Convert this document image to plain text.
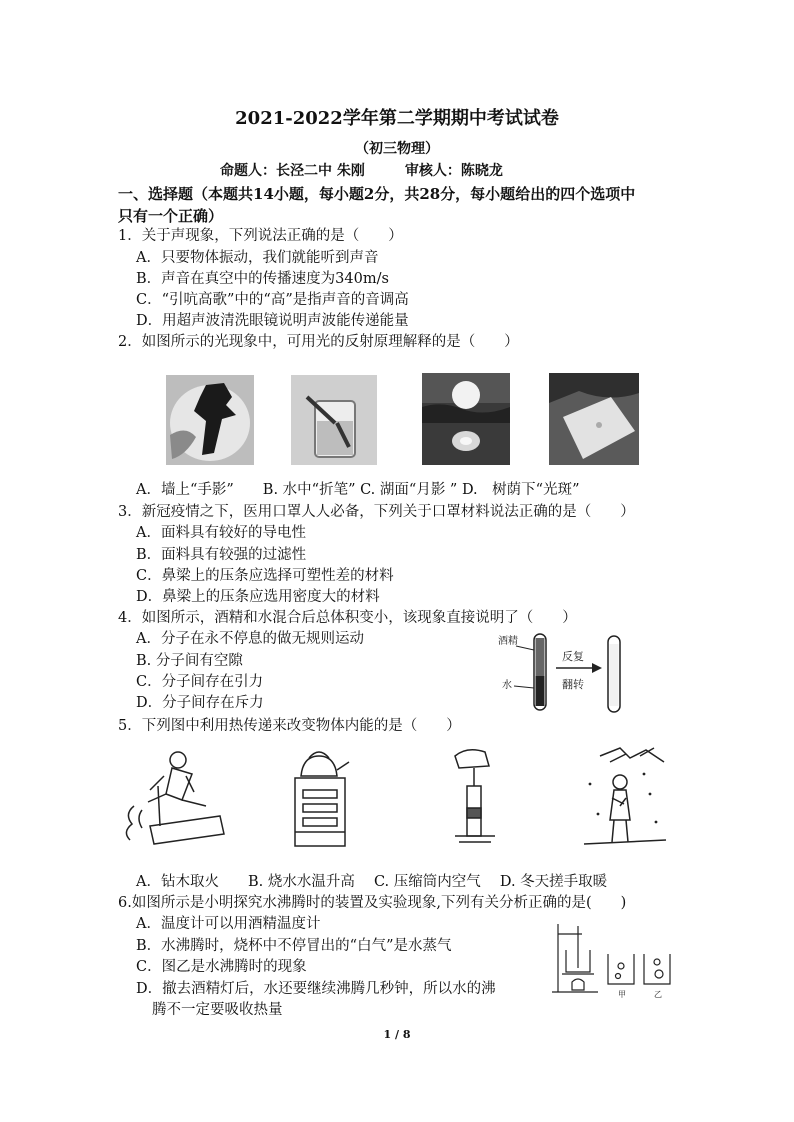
2021-2022学年第二学期期中考试试卷
（初三物理）
命题人：长泾二中 朱刚	审核人：陈晓龙
一、选择题（本题共14小题，每小题2分，共28分，每小题给出的四个选项中
只有一个正确）
1．关于声现象，下列说法正确的是（　　）
A．只要物体振动，我们就能听到声音
B．声音在真空中的传播速度为340m/s
C．“引吭高歌”中的“高”是指声音的音调高
D．用超声波清洗眼镜说明声波能传递能量
2．如图所示的光现象中，可用光的反射原理解释的是（　　）
A．墙上“手影”　　B. 水中“折笔” C. 湖面“月影 ” D.　树荫下“光斑”
3．新冠疫情之下，医用口罩人人必备，下列关于口罩材料说法正确的是（　　）
A．面料具有较好的导电性
B．面料具有较强的过滤性
C．鼻梁上的压条应选择可塑性差的材料
D．鼻梁上的压条应选用密度大的材料
4．如图所示，酒精和水混合后总体积变小，该现象直接说明了（　　）
A．分子在永不停息的做无规则运动
B. 分子间有空隙
C．分子间存在引力
D．分子间存在斥力
酒精
水
反复
翻转
5．下列图中利用热传递来改变物体内能的是（　　）
A．钻木取火　　B. 烧水水温升高　 C. 压缩筒内空气　 D. 冬天搓手取暖
6.如图所示是小明探究水沸腾时的装置及实验现象,下列有关分析正确的是(　　)
A．温度计可以用酒精温度计
B．水沸腾时，烧杯中不停冒出的“白气”是水蒸气
C．图乙是水沸腾时的现象
D．撤去酒精灯后，水还要继续沸腾几秒钟，所以水的沸
腾不一定要吸收热量
甲	乙
1 / 8
